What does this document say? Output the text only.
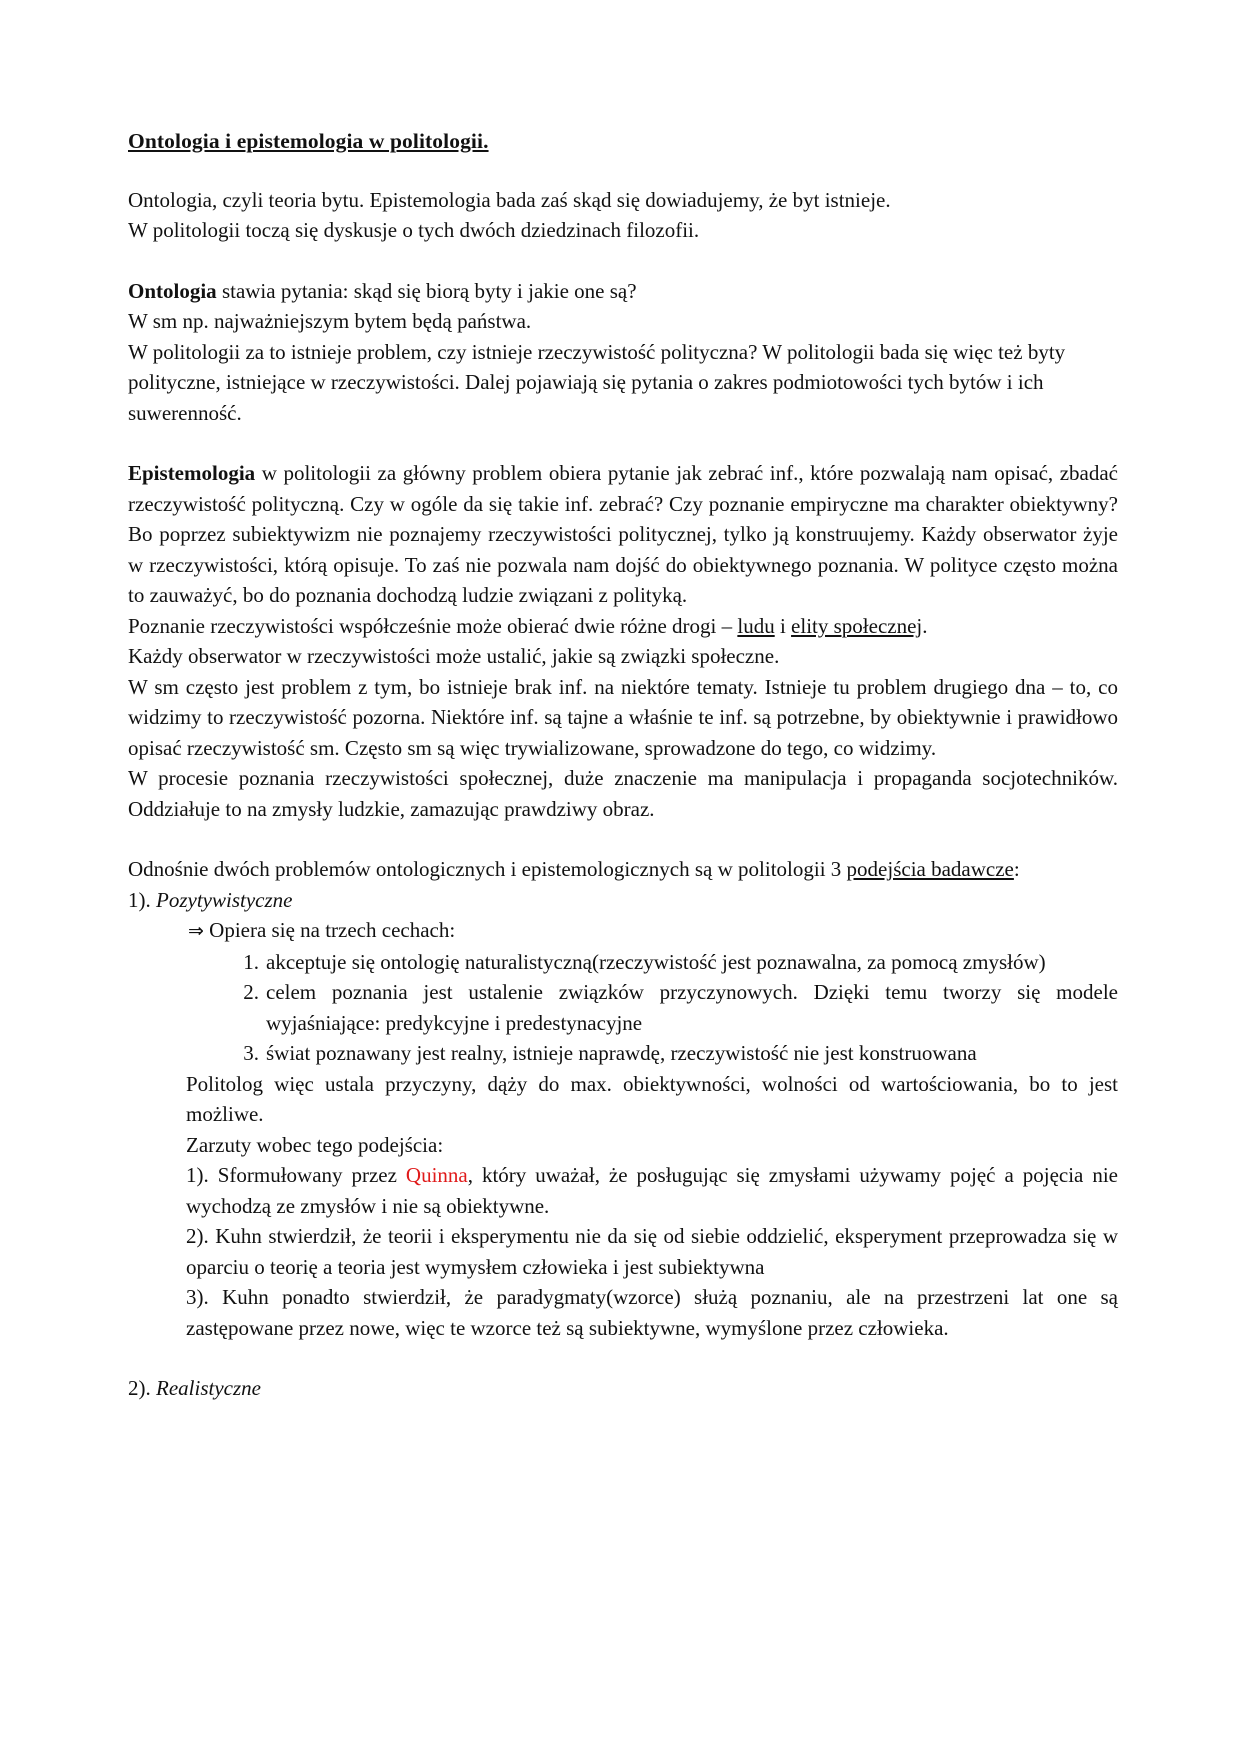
Ontologia i epistemologia w politologii.

Ontologia, czyli teoria bytu. Epistemologia bada zaś skąd się dowiadujemy, że byt istnieje.
W politologii toczą się dyskusje o tych dwóch dziedzinach filozofii.

Ontologia stawia pytania: skąd się biorą byty i jakie one są?
W sm np. najważniejszym bytem będą państwa.

W politologii za to istnieje problem, czy istnieje rzeczywistość polityczna? W politologii bada się więc też byty polityczne, istniejące w rzeczywistości. Dalej pojawiają się pytania o zakres podmiotowości tych bytów i ich suwerenność.

Epistemologia w politologii za główny problem obiera pytanie jak zebrać inf., które pozwalają nam opisać, zbadać rzeczywistość polityczną. Czy w ogóle da się takie inf. zebrać? Czy poznanie empiryczne ma charakter obiektywny? Bo poprzez subiektywizm nie poznajemy rzeczywistości politycznej, tylko ją konstruujemy. Każdy obserwator żyje w rzeczywistości, którą opisuje. To zaś nie pozwala nam dojść do obiektywnego poznania. W polityce często można to zauważyć, bo do poznania dochodzą ludzie związani z polityką.

Poznanie rzeczywistości współcześnie może obierać dwie różne drogi – ludu i elity społecznej.

Każdy obserwator w rzeczywistości może ustalić, jakie są związki społeczne.

W sm często jest problem z tym, bo istnieje brak inf. na niektóre tematy. Istnieje tu problem drugiego dna – to, co widzimy to rzeczywistość pozorna. Niektóre inf. są tajne a właśnie te inf. są potrzebne, by obiektywnie i prawidłowo opisać rzeczywistość sm. Często sm są więc trywializowane, sprowadzone do tego, co widzimy.

W procesie poznania rzeczywistości społecznej, duże znaczenie ma manipulacja i propaganda socjotechników. Oddziałuje to na zmysły ludzkie, zamazując prawdziwy obraz.

Odnośnie dwóch problemów ontologicznych i epistemologicznych są w politologii 3 podejścia badawcze:

1). Pozytywistyczne

⇒ Opiera się na trzech cechach:

akceptuje się ontologię naturalistyczną(rzeczywistość jest poznawalna, za pomocą zmysłów)
celem poznania jest ustalenie związków przyczynowych. Dzięki temu tworzy się modele wyjaśniające: predykcyjne i predestynacyjne
świat poznawany jest realny, istnieje naprawdę, rzeczywistość nie jest konstruowana

Politolog więc ustala przyczyny, dąży do max. obiektywności, wolności od wartościowania, bo to jest możliwe.

Zarzuty wobec tego podejścia:

1). Sformułowany przez Quinna, który uważał, że posługując się zmysłami używamy pojęć a pojęcia nie wychodzą ze zmysłów i nie są obiektywne.

2). Kuhn stwierdził, że teorii i eksperymentu nie da się od siebie oddzielić, eksperyment przeprowadza się w oparciu o teorię a teoria jest wymysłem człowieka i jest subiektywna

3). Kuhn ponadto stwierdził, że paradygmaty(wzorce) służą poznaniu, ale na przestrzeni lat one są zastępowane przez nowe, więc te wzorce też są subiektywne, wymyślone przez człowieka.

2). Realistyczne
